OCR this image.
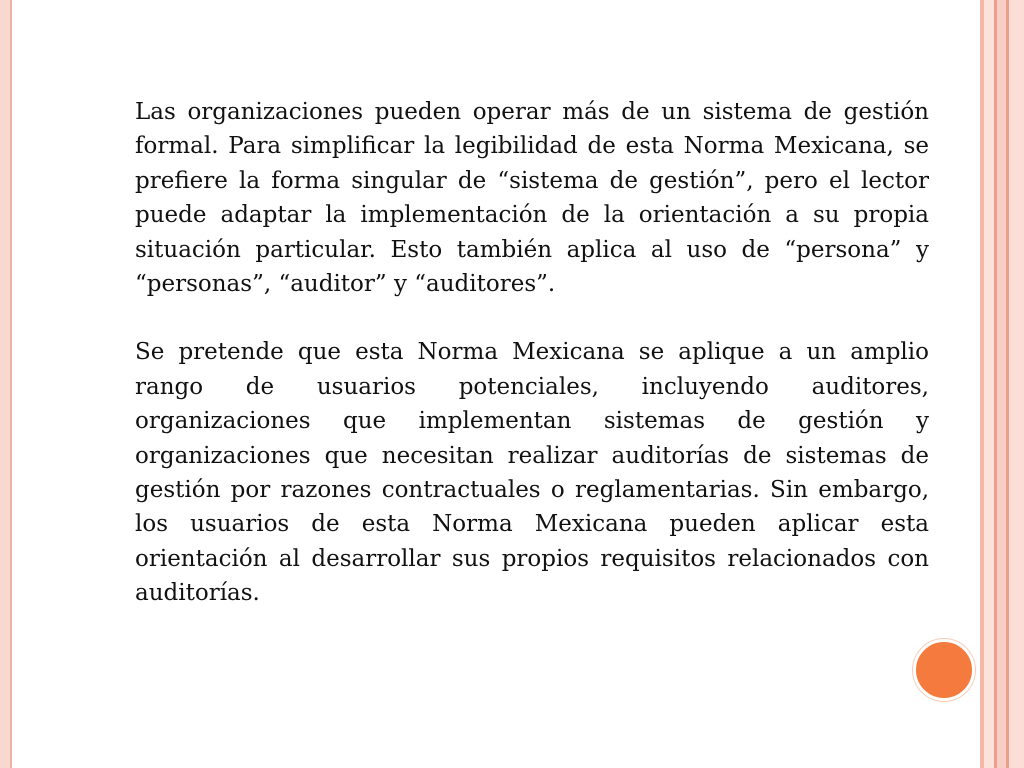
Las organizaciones pueden operar más de un sistema de gestión formal. Para simplificar la legibilidad de esta Norma Mexicana, se prefiere la forma singular de “sistema de gestión”, pero el lector puede adaptar la implementación de la orientación a su propia situación particular. Esto también aplica al uso de “persona” y “personas”, “auditor” y “auditores”.

Se pretende que esta Norma Mexicana se aplique a un amplio rango de usuarios potenciales, incluyendo auditores, organizaciones que implementan sistemas de gestión y organizaciones que necesitan realizar auditorías de sistemas de gestión por razones contractuales o reglamentarias. Sin embargo, los usuarios de esta Norma Mexicana pueden aplicar esta orientación al desarrollar sus propios requisitos relacionados con auditorías.
